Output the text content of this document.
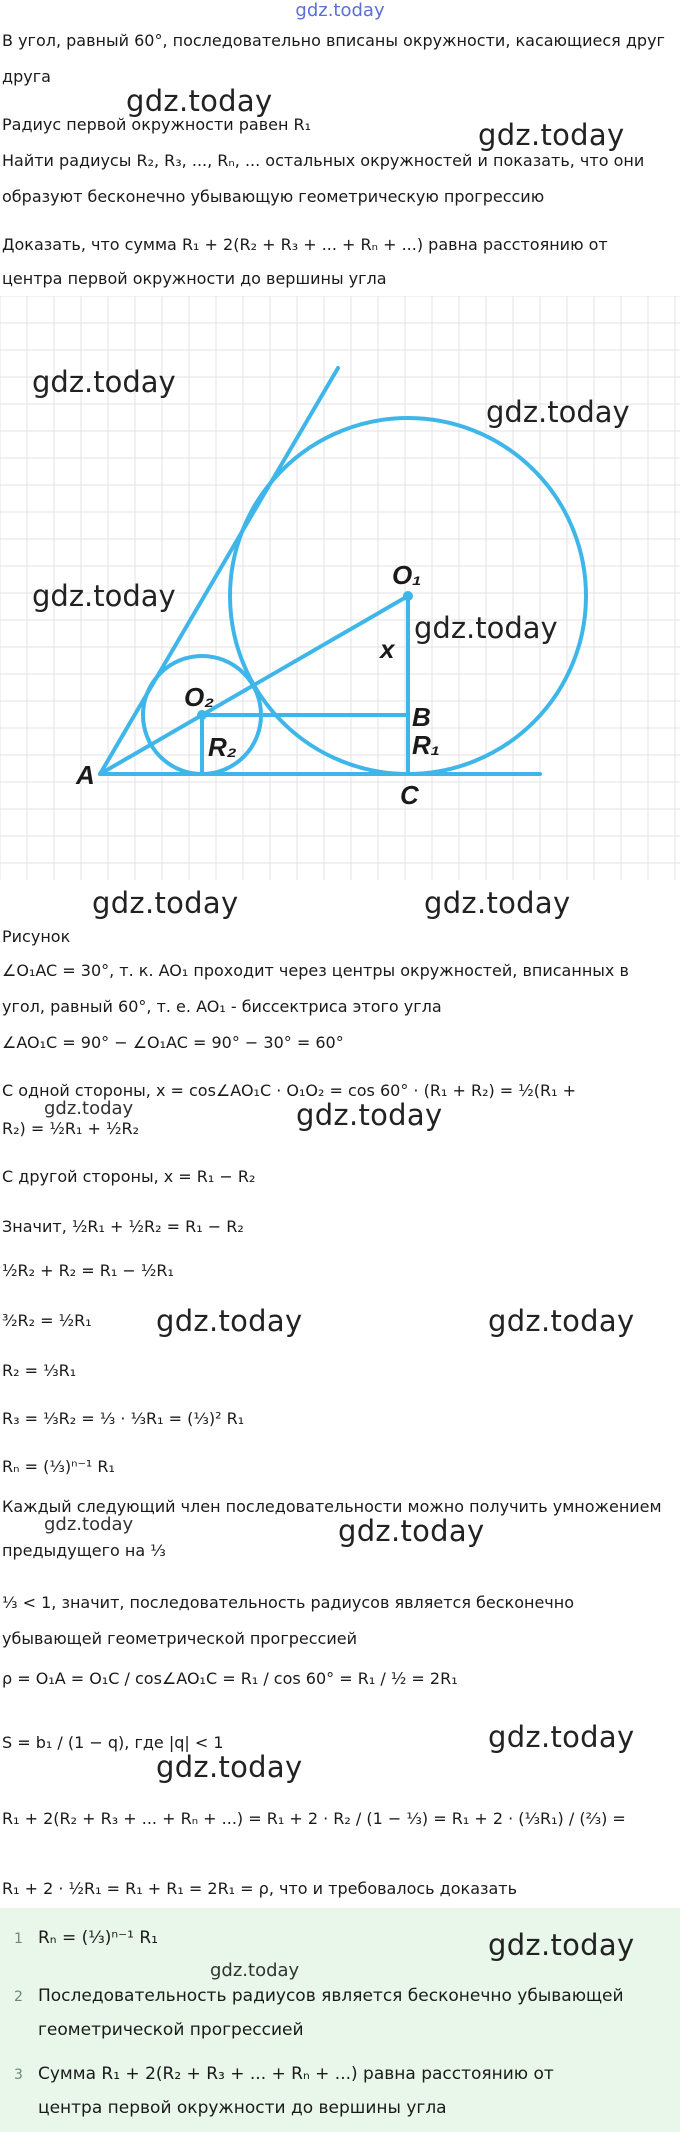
gdz.today
В угол, равный 60°, последовательно вписаны окружности, касающиеся друг
друга
Радиус первой окружности равен R₁
Найти радиусы R₂, R₃, ..., Rₙ, ... остальных окружностей и показать, что они
образуют бесконечно убывающую геометрическую прогрессию
Доказать, что сумма R₁ + 2(R₂ + R₃ + ... + Rₙ + ...) равна расстоянию от
центра первой окружности до вершины угла
gdz.today
gdz.today
A
O₁
O₂
x
B
R₁
R₂
C
gdz.today
gdz.today
gdz.today
gdz.today
gdz.today	gdz.today
Рисунок
∠O₁AC = 30°, т. к. AO₁ проходит через центры окружностей, вписанных в
угол, равный 60°, т. е. AO₁ - биссектриса этого угла
∠AO₁C = 90° − ∠O₁AC = 90° − 30° = 60°
С одной стороны, x = cos∠AO₁C · O₁O₂ = cos 60° · (R₁ + R₂) = ½(R₁ +
R₂) = ½R₁ + ½R₂
gdz.today	gdz.today
С другой стороны, x = R₁ − R₂
Значит, ½R₁ + ½R₂ = R₁ − R₂
½R₂ + R₂ = R₁ − ½R₁
³⁄₂R₂ = ½R₁	gdz.today	gdz.today
R₂ = ⅓R₁
R₃ = ⅓R₂ = ⅓ · ⅓R₁ = (⅓)² R₁
Rₙ = (⅓)ⁿ⁻¹ R₁
Каждый следующий член последовательности можно получить умножением
предыдущего на ⅓
gdz.today	gdz.today
⅓ < 1, значит, последовательность радиусов является бесконечно
убывающей геометрической прогрессией
ρ = O₁A = O₁C / cos∠AO₁C = R₁ / cos 60° = R₁ / ½ = 2R₁
S = b₁ / (1 − q), где |q| < 1	gdz.today
gdz.today
R₁ + 2(R₂ + R₃ + ... + Rₙ + ...) = R₁ + 2 · R₂ / (1 − ⅓) = R₁ + 2 · (⅓R₁) / (⅔) =
R₁ + 2 · ½R₁ = R₁ + R₁ = 2R₁ = ρ, что и требовалось доказать
1 Rₙ = (⅓)ⁿ⁻¹ R₁
2 Последовательность радиусов является бесконечно убывающей
геометрической прогрессией
3 Сумма R₁ + 2(R₂ + R₃ + ... + Rₙ + ...) равна расстоянию от
центра первой окружности до вершины угла
gdz.today
gdz.today
